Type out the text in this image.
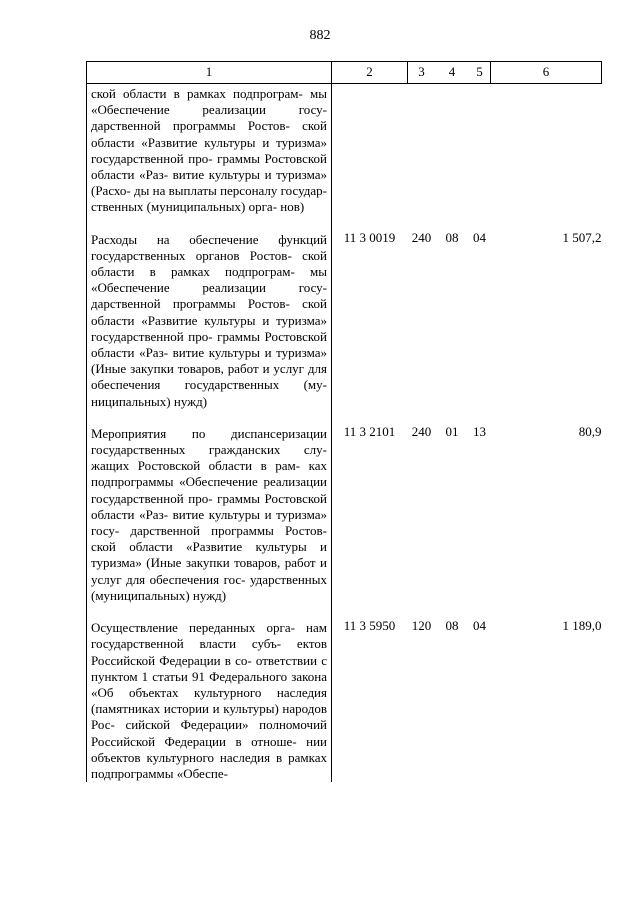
882
1	2	3	4	5	6

ской области в рамках подпрограм- мы «Обеспечение реализации госу- дарственной программы Ростов- ской области «Развитие культуры и туризма» государственной про- граммы Ростовской области «Раз- витие культуры и туризма» (Расхо- ды на выплаты персоналу государ- ственных (муниципальных) орга- нов)					

Расходы на обеспечение функций государственных органов Ростов- ской области в рамках подпрограм- мы «Обеспечение реализации госу- дарственной программы Ростов- ской области «Развитие культуры и туризма» государственной про- граммы Ростовской области «Раз- витие культуры и туризма» (Иные закупки товаров, работ и услуг для обеспечения государственных (му- ниципальных) нужд)	11 3 0019	240	08	04	1 507,2

Мероприятия по диспансеризации государственных гражданских слу- жащих Ростовской области в рам- ках подпрограммы «Обеспечение реализации государственной про- граммы Ростовской области «Раз- витие культуры и туризма» госу- дарственной программы Ростов- ской области «Развитие культуры и туризма» (Иные закупки товаров, работ и услуг для обеспечения гос- ударственных (муниципальных) нужд)	11 3 2101	240	01	13	80,9

Осуществление переданных орга- нам государственной власти субъ- ектов Российской Федерации в со- ответствии с пунктом 1 статьи 91 Федерального закона «Об объектах культурного наследия (памятниках истории и культуры) народов Рос- сийской Федерации» полномочий Российской Федерации в отноше- нии объектов культурного наследия в рамках подпрограммы «Обеспе-	11 3 5950	120	08	04	1 189,0
